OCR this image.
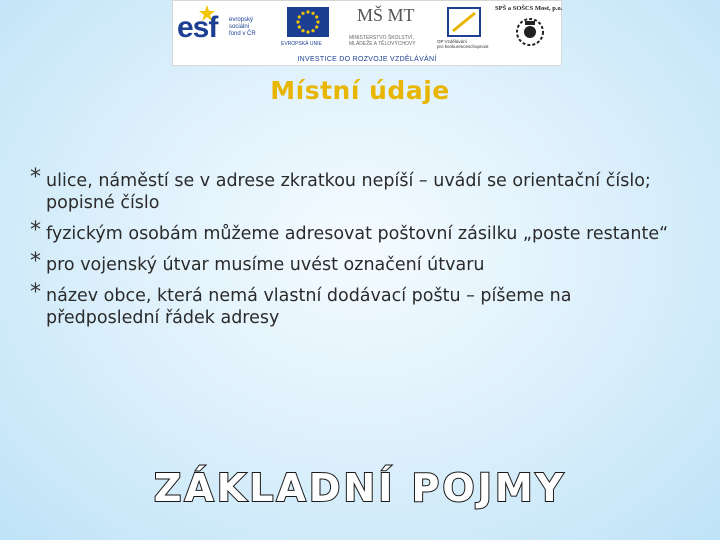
esf evropský
sociální
fond v ČR
EVROPSKÁ UNIE
MŠ MT
MINISTERSTVO ŠKOLSTVÍ,
MLÁDEŽE A TĚLOVÝCHOVY	OP Vzdělávání
pro konkurenceschopnost
SPŠ a SOŠCS Most, p.o.
INVESTICE DO ROZVOJE VZDĚLÁVÁNÍ
Místní údaje
* ulice, náměstí se v adrese zkratkou nepíší – uvádí se orientační číslo; popisné číslo
* fyzickým osobám můžeme adresovat poštovní zásilku „poste restante“
* pro vojenský útvar musíme uvést označení útvaru
* název obce, která nemá vlastní dodávací poštu – píšeme na předposlední řádek adresy
ZÁKLADNÍ POJMY
